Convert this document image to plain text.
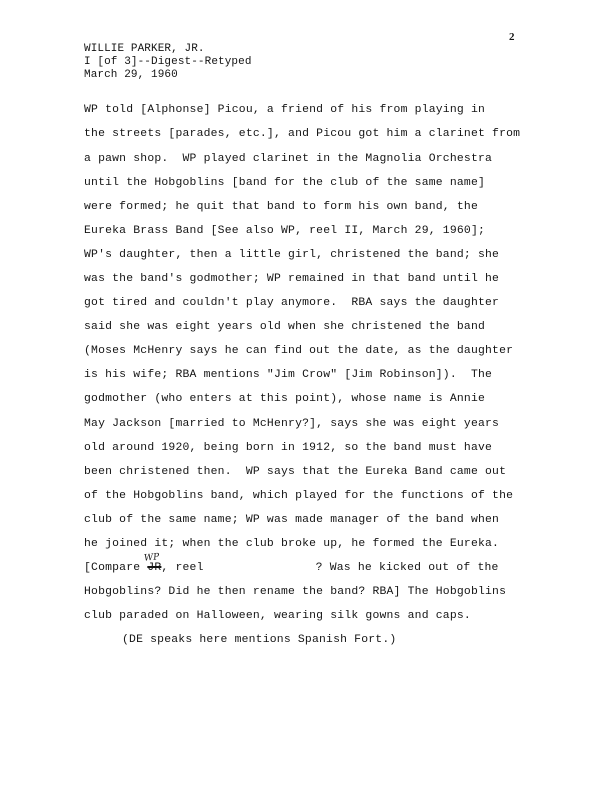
2
WILLIE PARKER, JR.
I [of 3]--Digest--Retyped
March 29, 1960
WP told [Alphonse] Picou, a friend of his from playing in
the streets [parades, etc.], and Picou got him a clarinet from
a pawn shop.  WP played clarinet in the Magnolia Orchestra
until the Hobgoblins [band for the club of the same name]
were formed; he quit that band to form his own band, the
Eureka Brass Band [See also WP, reel II, March 29, 1960];
WP's daughter, then a little girl, christened the band; she
was the band's godmother; WP remained in that band until he
got tired and couldn't play anymore.  RBA says the daughter
said she was eight years old when she christened the band
(Moses McHenry says he can find out the date, as the daughter
is his wife; RBA mentions "Jim Crow" [Jim Robinson]).  The
godmother (who enters at this point), whose name is Annie
May Jackson [married to McHenry?], says she was eight years
old around 1920, being born in 1912, so the band must have
been christened then.  WP says that the Eureka Band came out
of the Hobgoblins band, which played for the functions of the
club of the same name; WP was made manager of the band when
he joined it; when the club broke up, he formed the Eureka.
[Compare JR, reel	? Was he kicked out of the
WP
Hobgoblins? Did he then rename the band? RBA] The Hobgoblins
club paraded on Halloween, wearing silk gowns and caps.
(DE speaks here mentions Spanish Fort.)
